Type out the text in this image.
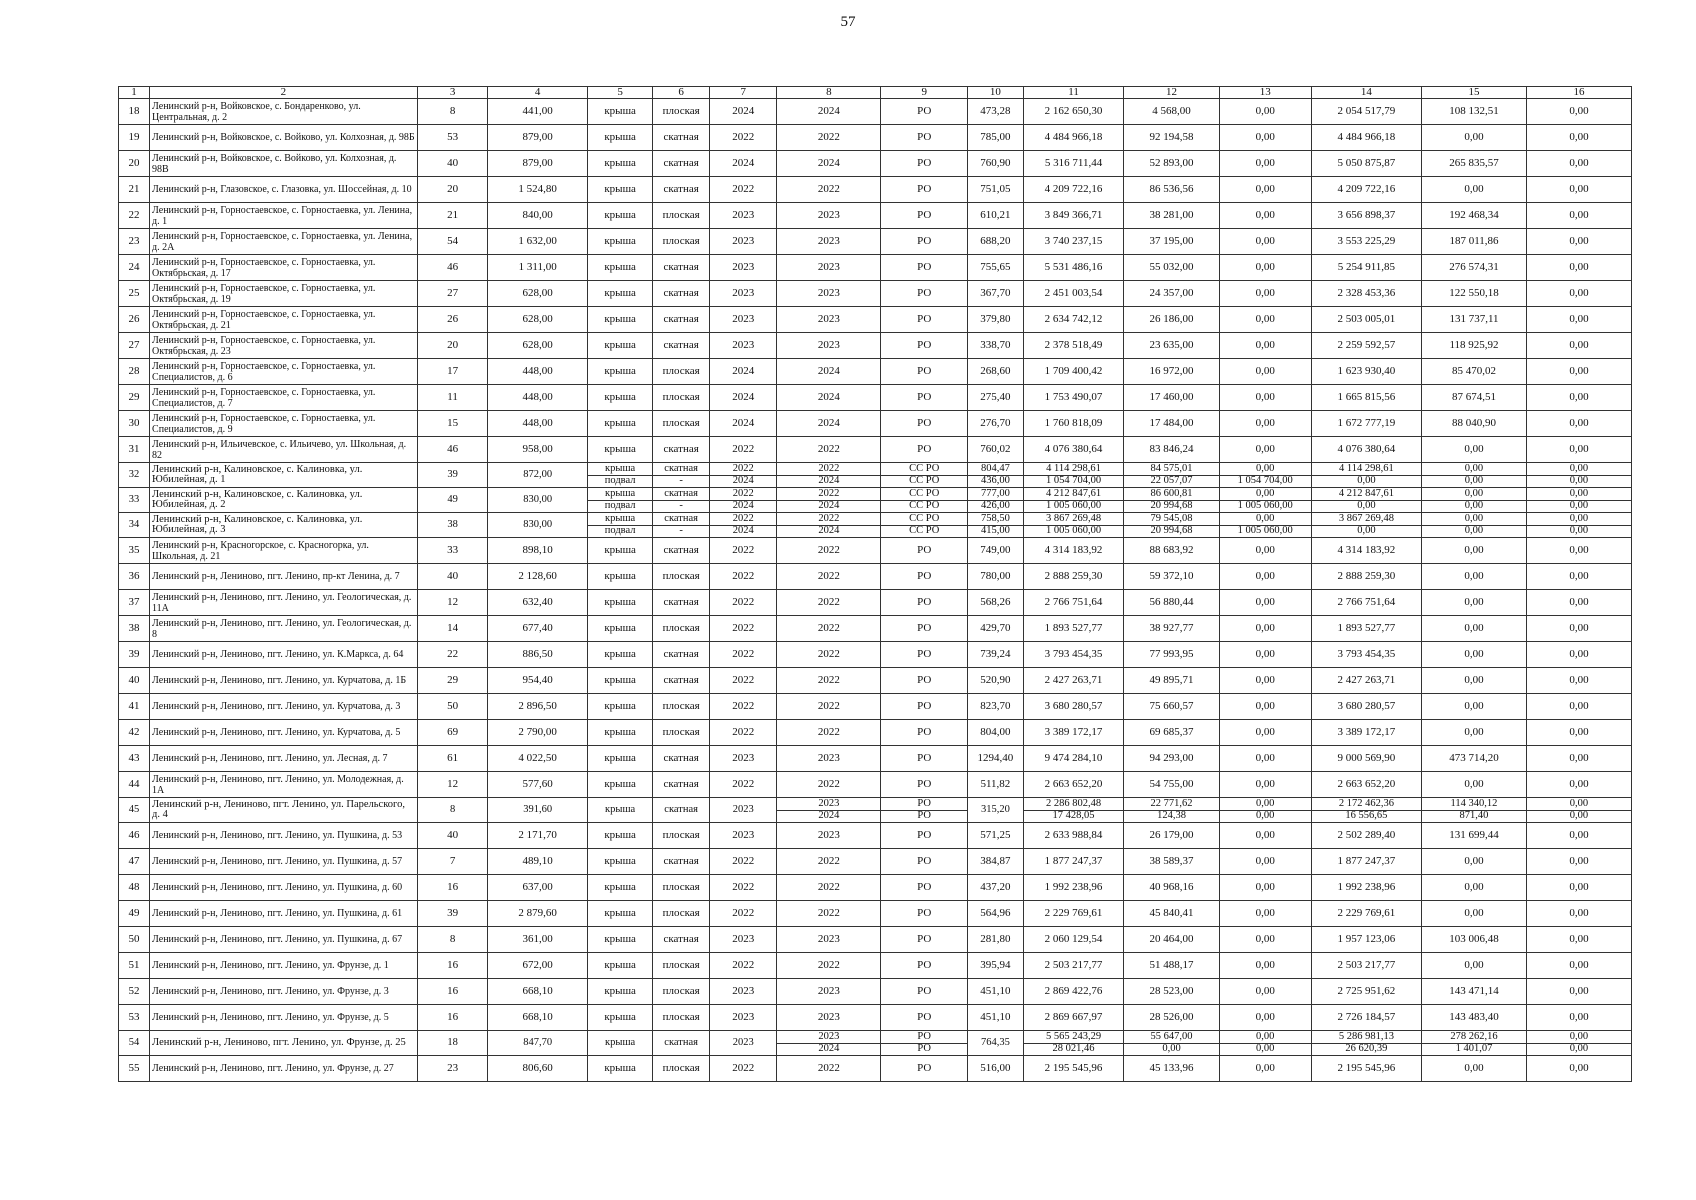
57
1	2	3	4	5	6	7	8	9	10	11	12	13	14	15	16
18	Ленинский р-н, Войковское, с. Бондаренково, ул. Центральная, д. 2	8	441,00	крыша	плоская	2024	2024	РО	473,28	2 162 650,30	4 568,00	0,00	2 054 517,79	108 132,51	0,00
19	Ленинский р-н, Войковское, с. Войково, ул. Колхозная, д. 98Б	53	879,00	крыша	скатная	2022	2022	РО	785,00	4 484 966,18	92 194,58	0,00	4 484 966,18	0,00	0,00
20	Ленинский р-н, Войковское, с. Войково, ул. Колхозная, д. 98В	40	879,00	крыша	скатная	2024	2024	РО	760,90	5 316 711,44	52 893,00	0,00	5 050 875,87	265 835,57	0,00
21	Ленинский р-н, Глазовское, с. Глазовка, ул. Шоссейная, д. 10	20	1 524,80	крыша	скатная	2022	2022	РО	751,05	4 209 722,16	86 536,56	0,00	4 209 722,16	0,00	0,00
22	Ленинский р-н, Горностаевское, с. Горностаевка, ул. Ленина, д. 1	21	840,00	крыша	плоская	2023	2023	РО	610,21	3 849 366,71	38 281,00	0,00	3 656 898,37	192 468,34	0,00
23	Ленинский р-н, Горностаевское, с. Горностаевка, ул. Ленина, д. 2А	54	1 632,00	крыша	плоская	2023	2023	РО	688,20	3 740 237,15	37 195,00	0,00	3 553 225,29	187 011,86	0,00
24	Ленинский р-н, Горностаевское, с. Горностаевка, ул. Октябрьская, д. 17	46	1 311,00	крыша	скатная	2023	2023	РО	755,65	5 531 486,16	55 032,00	0,00	5 254 911,85	276 574,31	0,00
25	Ленинский р-н, Горностаевское, с. Горностаевка, ул. Октябрьская, д. 19	27	628,00	крыша	скатная	2023	2023	РО	367,70	2 451 003,54	24 357,00	0,00	2 328 453,36	122 550,18	0,00
26	Ленинский р-н, Горностаевское, с. Горностаевка, ул. Октябрьская, д. 21	26	628,00	крыша	скатная	2023	2023	РО	379,80	2 634 742,12	26 186,00	0,00	2 503 005,01	131 737,11	0,00
27	Ленинский р-н, Горностаевское, с. Горностаевка, ул. Октябрьская, д. 23	20	628,00	крыша	скатная	2023	2023	РО	338,70	2 378 518,49	23 635,00	0,00	2 259 592,57	118 925,92	0,00
28	Ленинский р-н, Горностаевское, с. Горностаевка, ул. Специалистов, д. 6	17	448,00	крыша	плоская	2024	2024	РО	268,60	1 709 400,42	16 972,00	0,00	1 623 930,40	85 470,02	0,00
29	Ленинский р-н, Горностаевское, с. Горностаевка, ул. Специалистов, д. 7	11	448,00	крыша	плоская	2024	2024	РО	275,40	1 753 490,07	17 460,00	0,00	1 665 815,56	87 674,51	0,00
30	Ленинский р-н, Горностаевское, с. Горностаевка, ул. Специалистов, д. 9	15	448,00	крыша	плоская	2024	2024	РО	276,70	1 760 818,09	17 484,00	0,00	1 672 777,19	88 040,90	0,00
31	Ленинский р-н, Ильичевское, с. Ильичево, ул. Школьная, д. 82	46	958,00	крыша	скатная	2022	2022	РО	760,02	4 076 380,64	83 846,24	0,00	4 076 380,64	0,00	0,00
32	Ленинский р-н, Калиновское, с. Калиновка, ул. Юбилейная, д. 1	39	872,00	крыша	скатная	2022	2022	СС РО	804,47	4 114 298,61	84 575,01	0,00	4 114 298,61	0,00	0,00
				подвал	-	2024	2024	СС РО	436,00	1 054 704,00	22 057,07	1 054 704,00	0,00	0,00	0,00
33	Ленинский р-н, Калиновское, с. Калиновка, ул. Юбилейная, д. 2	49	830,00	крыша	скатная	2022	2022	СС РО	777,00	4 212 847,61	86 600,81	0,00	4 212 847,61	0,00	0,00
				подвал	-	2024	2024	СС РО	426,00	1 005 060,00	20 994,68	1 005 060,00	0,00	0,00	0,00
34	Ленинский р-н, Калиновское, с. Калиновка, ул. Юбилейная, д. 3	38	830,00	крыша	скатная	2022	2022	СС РО	758,50	3 867 269,48	79 545,08	0,00	3 867 269,48	0,00	0,00
				подвал	-	2024	2024	СС РО	415,00	1 005 060,00	20 994,68	1 005 060,00	0,00	0,00	0,00
35	Ленинский р-н, Красногорское, с. Красногорка, ул. Школьная, д. 21	33	898,10	крыша	скатная	2022	2022	РО	749,00	4 314 183,92	88 683,92	0,00	4 314 183,92	0,00	0,00
36	Ленинский р-н, Лениново, пгт. Ленино, пр-кт Ленина, д. 7	40	2 128,60	крыша	плоская	2022	2022	РО	780,00	2 888 259,30	59 372,10	0,00	2 888 259,30	0,00	0,00
37	Ленинский р-н, Лениново, пгт. Ленино, ул. Геологическая, д. 11А	12	632,40	крыша	скатная	2022	2022	РО	568,26	2 766 751,64	56 880,44	0,00	2 766 751,64	0,00	0,00
38	Ленинский р-н, Лениново, пгт. Ленино, ул. Геологическая, д. 8	14	677,40	крыша	плоская	2022	2022	РО	429,70	1 893 527,77	38 927,77	0,00	1 893 527,77	0,00	0,00
39	Ленинский р-н, Лениново, пгт. Ленино, ул. К.Маркса, д. 64	22	886,50	крыша	скатная	2022	2022	РО	739,24	3 793 454,35	77 993,95	0,00	3 793 454,35	0,00	0,00
40	Ленинский р-н, Лениново, пгт. Ленино, ул. Курчатова, д. 1Б	29	954,40	крыша	скатная	2022	2022	РО	520,90	2 427 263,71	49 895,71	0,00	2 427 263,71	0,00	0,00
41	Ленинский р-н, Лениново, пгт. Ленино, ул. Курчатова, д. 3	50	2 896,50	крыша	плоская	2022	2022	РО	823,70	3 680 280,57	75 660,57	0,00	3 680 280,57	0,00	0,00
42	Ленинский р-н, Лениново, пгт. Ленино, ул. Курчатова, д. 5	69	2 790,00	крыша	плоская	2022	2022	РО	804,00	3 389 172,17	69 685,37	0,00	3 389 172,17	0,00	0,00
43	Ленинский р-н, Лениново, пгт. Ленино, ул. Лесная, д. 7	61	4 022,50	крыша	скатная	2023	2023	РО	1294,40	9 474 284,10	94 293,00	0,00	9 000 569,90	473 714,20	0,00
44	Ленинский р-н, Лениново, пгт. Ленино, ул. Молодежная, д. 1А	12	577,60	крыша	скатная	2022	2022	РО	511,82	2 663 652,20	54 755,00	0,00	2 663 652,20	0,00	0,00
45	Ленинский р-н, Лениново, пгт. Ленино, ул. Парельского, д. 4	8	391,60	крыша	скатная	2023	2023	РО	315,20	2 286 802,48	22 771,62	0,00	2 172 462,36	114 340,12	0,00
							2024	РО		17 428,05	124,38	0,00	16 556,65	871,40	0,00
46	Ленинский р-н, Лениново, пгт. Ленино, ул. Пушкина, д. 53	40	2 171,70	крыша	плоская	2023	2023	РО	571,25	2 633 988,84	26 179,00	0,00	2 502 289,40	131 699,44	0,00
47	Ленинский р-н, Лениново, пгт. Ленино, ул. Пушкина, д. 57	7	489,10	крыша	скатная	2022	2022	РО	384,87	1 877 247,37	38 589,37	0,00	1 877 247,37	0,00	0,00
48	Ленинский р-н, Лениново, пгт. Ленино, ул. Пушкина, д. 60	16	637,00	крыша	плоская	2022	2022	РО	437,20	1 992 238,96	40 968,16	0,00	1 992 238,96	0,00	0,00
49	Ленинский р-н, Лениново, пгт. Ленино, ул. Пушкина, д. 61	39	2 879,60	крыша	плоская	2022	2022	РО	564,96	2 229 769,61	45 840,41	0,00	2 229 769,61	0,00	0,00
50	Ленинский р-н, Лениново, пгт. Ленино, ул. Пушкина, д. 67	8	361,00	крыша	скатная	2023	2023	РО	281,80	2 060 129,54	20 464,00	0,00	1 957 123,06	103 006,48	0,00
51	Ленинский р-н, Лениново, пгт. Ленино, ул. Фрунзе, д. 1	16	672,00	крыша	плоская	2022	2022	РО	395,94	2 503 217,77	51 488,17	0,00	2 503 217,77	0,00	0,00
52	Ленинский р-н, Лениново, пгт. Ленино, ул. Фрунзе, д. 3	16	668,10	крыша	плоская	2023	2023	РО	451,10	2 869 422,76	28 523,00	0,00	2 725 951,62	143 471,14	0,00
53	Ленинский р-н, Лениново, пгт. Ленино, ул. Фрунзе, д. 5	16	668,10	крыша	плоская	2023	2023	РО	451,10	2 869 667,97	28 526,00	0,00	2 726 184,57	143 483,40	0,00
54	Ленинский р-н, Лениново, пгт. Ленино, ул. Фрунзе, д. 25	18	847,70	крыша	скатная	2023	2023	РО	764,35	5 565 243,29	55 647,00	0,00	5 286 981,13	278 262,16	0,00
							2024	РО		28 021,46	0,00	0,00	26 620,39	1 401,07	0,00
55	Ленинский р-н, Лениново, пгт. Ленино, ул. Фрунзе, д. 27	23	806,60	крыша	плоская	2022	2022	РО	516,00	2 195 545,96	45 133,96	0,00	2 195 545,96	0,00	0,00
